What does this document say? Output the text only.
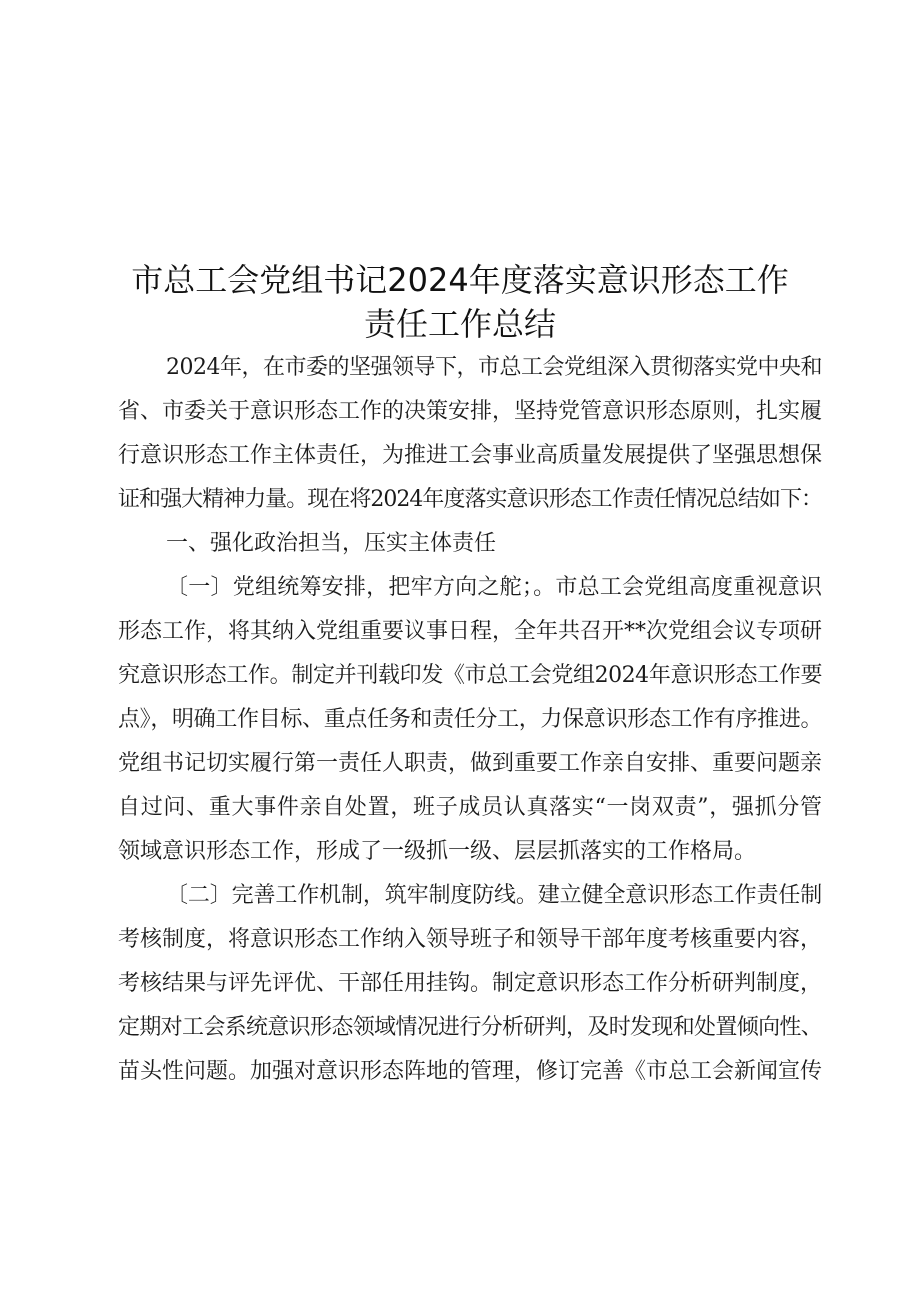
市总工会党组书记2024年度落实意识形态工作
责任工作总结
2024年，在市委的坚强领导下，市总工会党组深入贯彻落实党中央和
省、市委关于意识形态工作的决策安排，坚持党管意识形态原则，扎实履
行意识形态工作主体责任，为推进工会事业高质量发展提供了坚强思想保
证和强大精神力量。现在将2024年度落实意识形态工作责任情况总结如下：
一、强化政治担当，压实主体责任
〔一〕党组统筹安排，把牢方向之舵；。市总工会党组高度重视意识
形态工作，将其纳入党组重要议事日程，全年共召开**次党组会议专项研
究意识形态工作。制定并刊载印发《市总工会党组2024年意识形态工作要
点》，明确工作目标、重点任务和责任分工，力保意识形态工作有序推进。
党组书记切实履行第一责任人职责，做到重要工作亲自安排、重要问题亲
自过问、重大事件亲自处置，班子成员认真落实“一岗双责”，强抓分管
领域意识形态工作，形成了一级抓一级、层层抓落实的工作格局。
〔二〕完善工作机制，筑牢制度防线。建立健全意识形态工作责任制
考核制度，将意识形态工作纳入领导班子和领导干部年度考核重要内容，
考核结果与评先评优、干部任用挂钩。制定意识形态工作分析研判制度，
定期对工会系统意识形态领域情况进行分析研判，及时发现和处置倾向性、
苗头性问题。加强对意识形态阵地的管理，修订完善《市总工会新闻宣传
